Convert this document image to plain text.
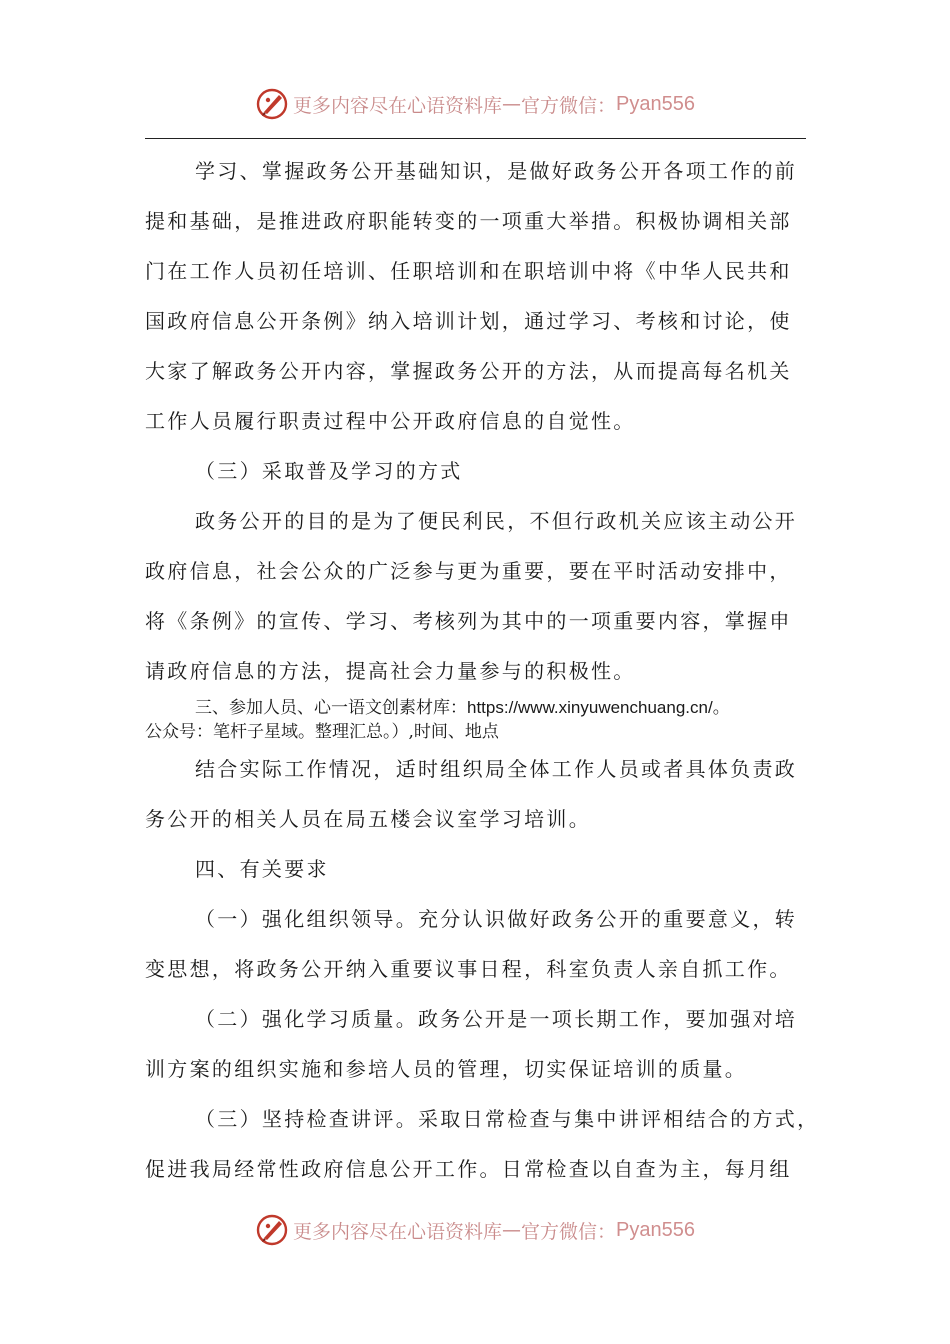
更多内容尽在心语资料库 — 官方微信： Pyan556
学习、掌握政务公开基础知识，是做好政务公开各项工作的前
提和基础，是推进政府职能转变的一项重大举措。积极协调相关部
门在工作人员初任培训、任职培训和在职培训中将《中华人民共和
国政府信息公开条例》纳入培训计划，通过学习、考核和讨论，使
大家了解政务公开内容，掌握政务公开的方法，从而提高每名机关
工作人员履行职责过程中公开政府信息的自觉性。
（三）采取普及学习的方式
政务公开的目的是为了便民利民，不但行政机关应该主动公开
政府信息，社会公众的广泛参与更为重要，要在平时活动安排中，
将《条例》的宣传、学习、考核列为其中的一项重要内容，掌握申
请政府信息的方法，提高社会力量参与的积极性。
三、参加人员、心一语文创素材库：https://www.xinyuwenchuang.cn/。
公众号：笔杆子星域。整理汇总。）,时间、地点
结合实际工作情况，适时组织局全体工作人员或者具体负责政
务公开的相关人员在局五楼会议室学习培训。
四、有关要求
（一）强化组织领导。充分认识做好政务公开的重要意义，转
变思想，将政务公开纳入重要议事日程，科室负责人亲自抓工作。
（二）强化学习质量。政务公开是一项长期工作，要加强对培
训方案的组织实施和参培人员的管理，切实保证培训的质量。
（三）坚持检查讲评。采取日常检查与集中讲评相结合的方式，
促进我局经常性政府信息公开工作。日常检查以自查为主，每月组
更多内容尽在心语资料库 — 官方微信： Pyan556
